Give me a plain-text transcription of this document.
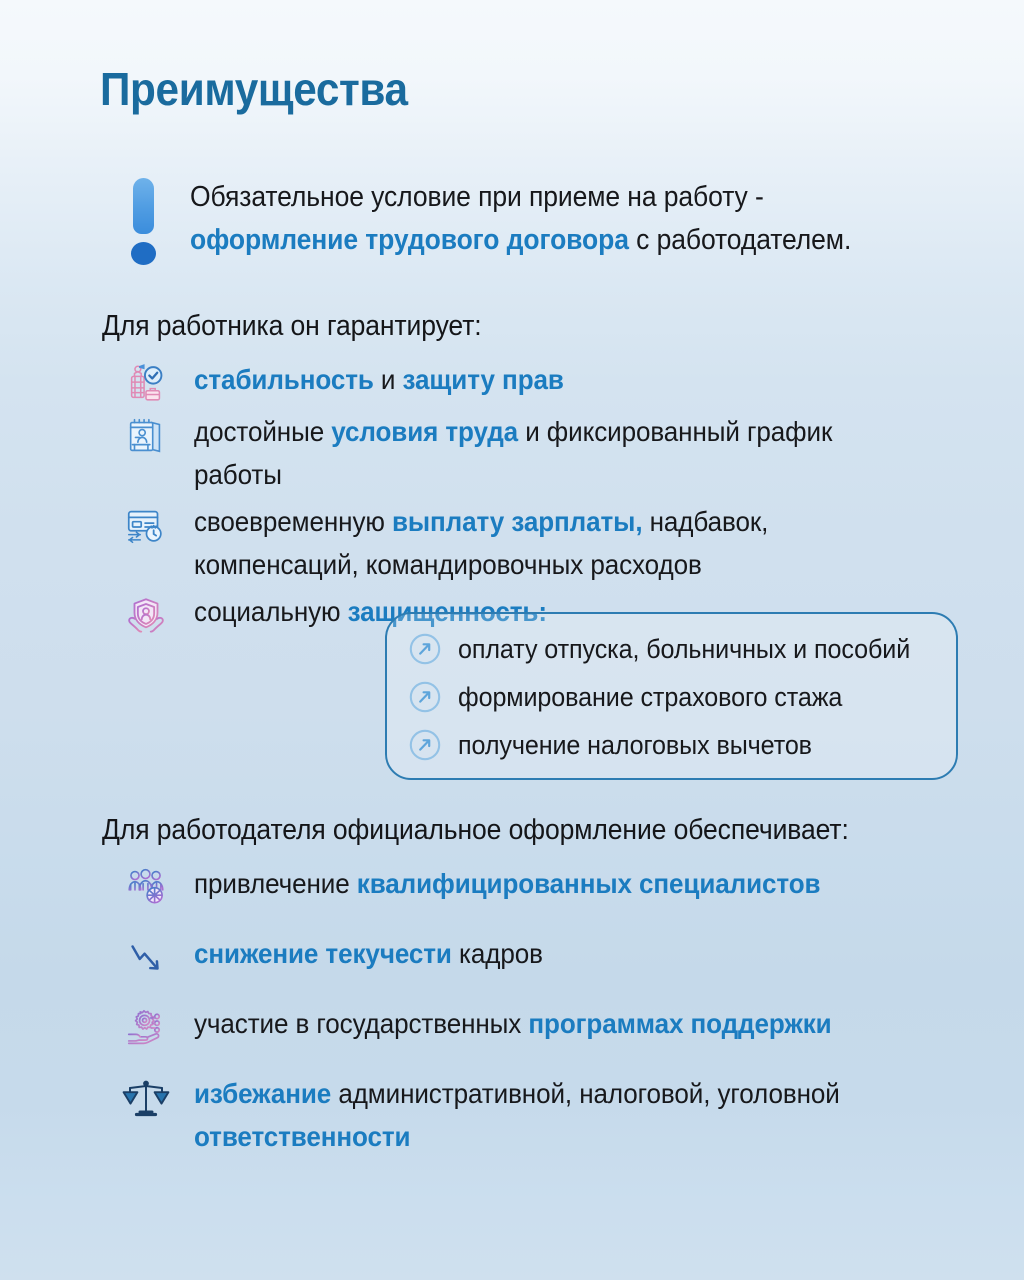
Преимущества
Обязательное условие при приеме на работу -
оформление трудового договора с работодателем.
Для работника он гарантирует:
стабильность и защиту прав
достойные условия труда и фиксированный график работы
своевременную выплату зарплаты, надбавок, компенсаций, командировочных расходов
социальную защищенность:
оплату отпуска, больничных и пособий
формирование страхового стажа
получение налоговых вычетов
Для работодателя официальное оформление обеспечивает:
привлечение квалифицированных специалистов
снижение текучести кадров
участие в государственных программах поддержки
избежание административной, налоговой, уголовной ответственности
